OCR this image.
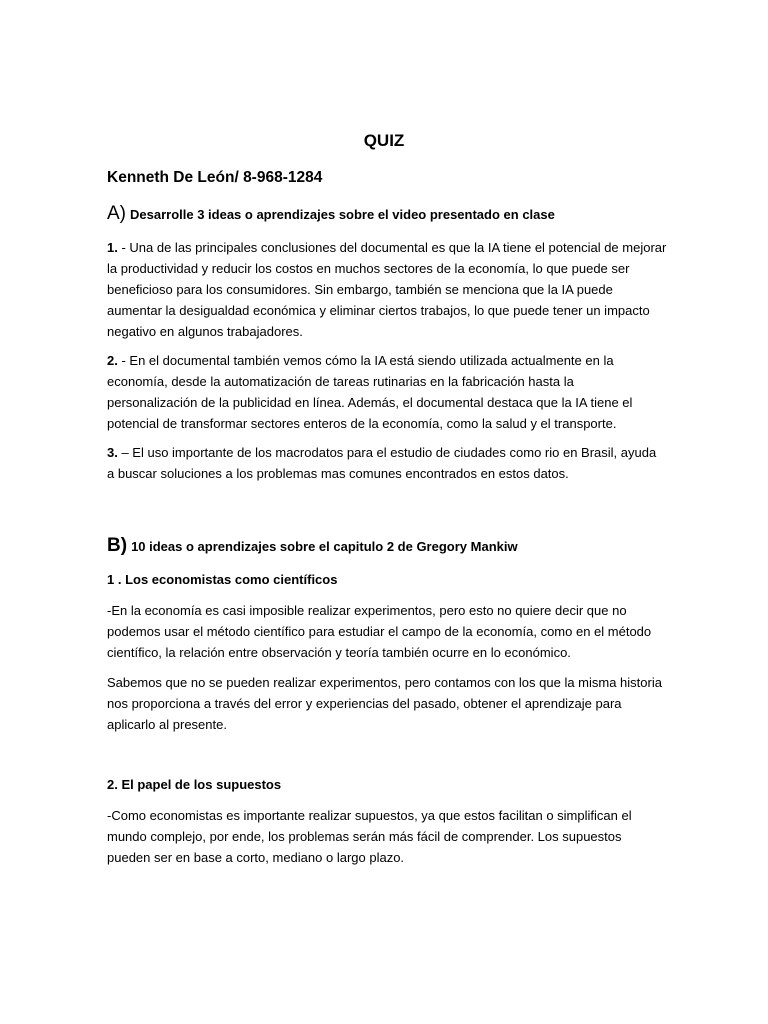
QUIZ
Kenneth De León/ 8-968-1284
A) Desarrolle 3 ideas o aprendizajes sobre el video presentado en clase

1. - Una de las principales conclusiones del documental es que la IA tiene el potencial de mejorar la productividad y reducir los costos en muchos sectores de la economía, lo que puede ser beneficioso para los consumidores. Sin embargo, también se menciona que la IA puede aumentar la desigualdad económica y eliminar ciertos trabajos, lo que puede tener un impacto negativo en algunos trabajadores.

2. - En el documental también vemos cómo la IA está siendo utilizada actualmente en la economía, desde la automatización de tareas rutinarias en la fabricación hasta la personalización de la publicidad en línea. Además, el documental destaca que la IA tiene el potencial de transformar sectores enteros de la economía, como la salud y el transporte.

3. – El uso importante de los macrodatos para el estudio de ciudades como rio en Brasil, ayuda a buscar soluciones a los problemas mas comunes encontrados en estos datos.

B) 10 ideas o aprendizajes sobre el capitulo 2 de Gregory Mankiw

1 . Los economistas como científicos

-En la economía es casi imposible realizar experimentos, pero esto no quiere decir que no podemos usar el método científico para estudiar el campo de la economía, como en el método científico, la relación entre observación y teoría también ocurre en lo económico.

Sabemos que no se pueden realizar experimentos, pero contamos con los que la misma historia nos proporciona a través del error y experiencias del pasado, obtener el aprendizaje para aplicarlo al presente.

2. El papel de los supuestos

-Como economistas es importante realizar supuestos, ya que estos facilitan o simplifican el mundo complejo, por ende, los problemas serán más fácil de comprender. Los supuestos pueden ser en base a corto, mediano o largo plazo.
